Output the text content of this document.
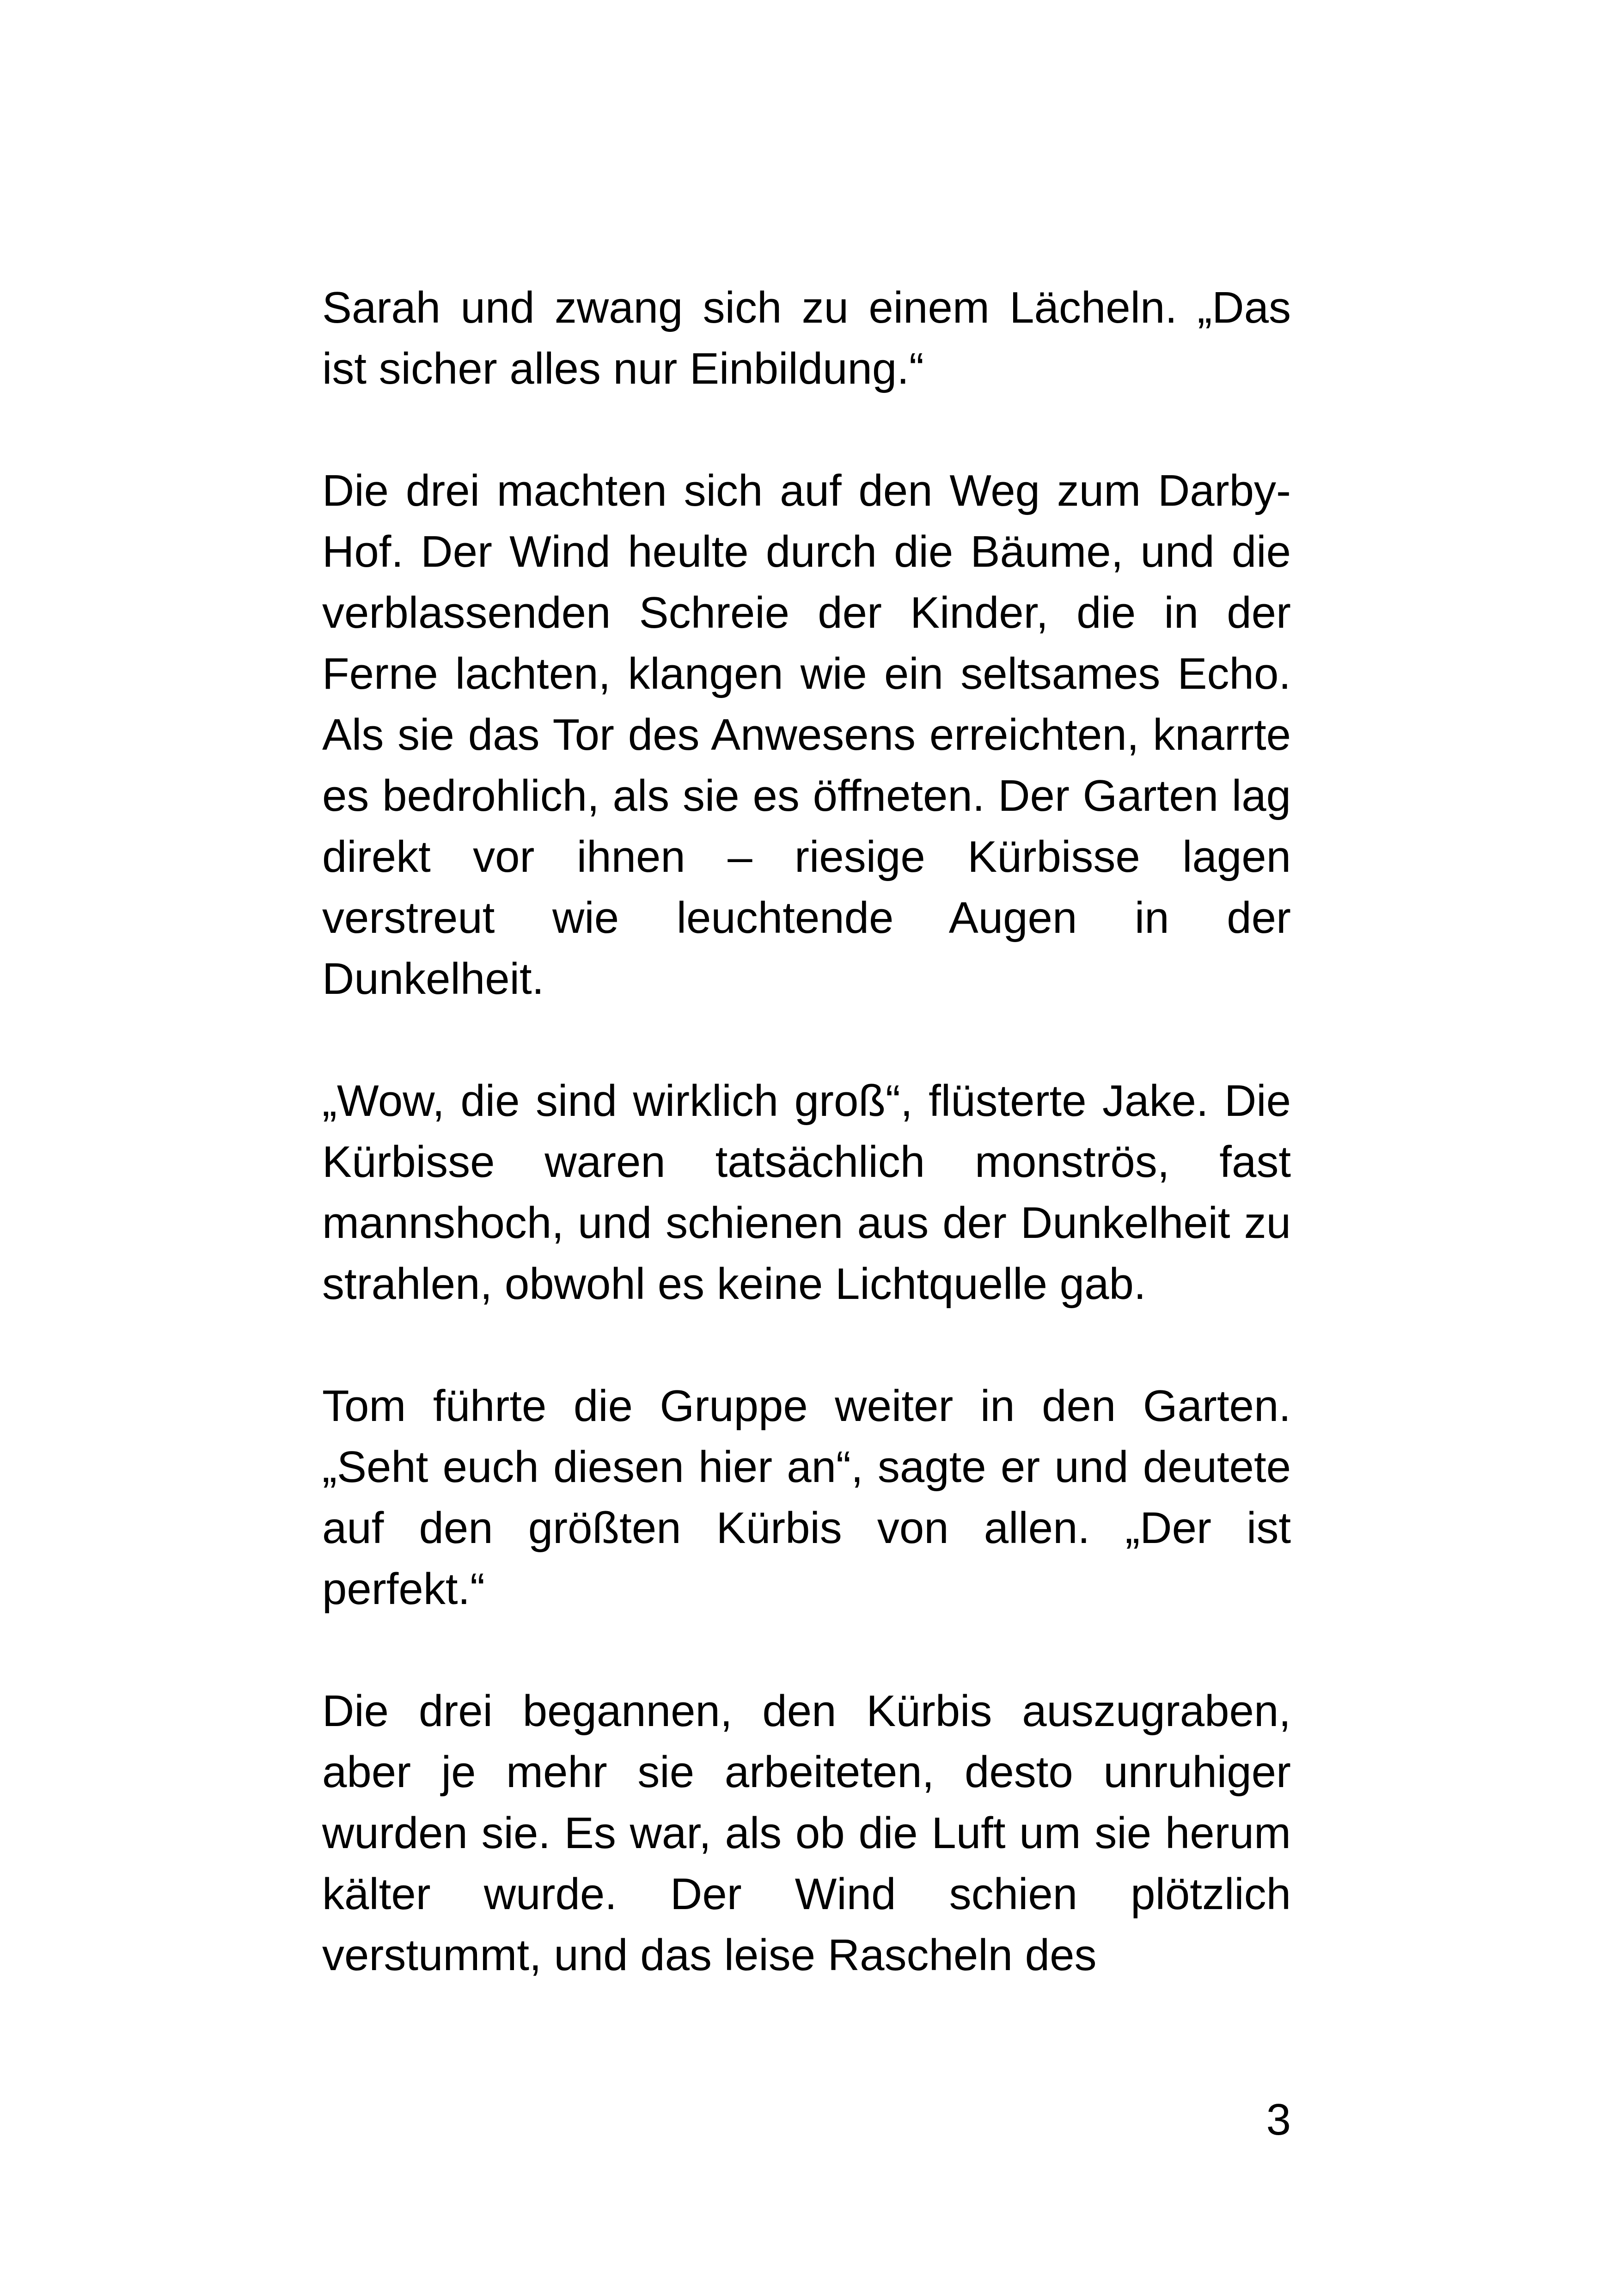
Sarah und zwang sich zu einem Lächeln. „Das ist sicher alles nur Einbildung.“

Die drei machten sich auf den Weg zum Darby-Hof. Der Wind heulte durch die Bäume, und die verblassenden Schreie der Kinder, die in der Ferne lachten, klangen wie ein seltsames Echo. Als sie das Tor des Anwesens erreichten, knarrte es bedrohlich, als sie es öffneten. Der Garten lag direkt vor ihnen – riesige Kürbisse lagen verstreut wie leuchtende Augen in der Dunkelheit.

„Wow, die sind wirklich groß“, flüsterte Jake. Die Kürbisse waren tatsächlich monströs, fast mannshoch, und schienen aus der Dunkelheit zu strahlen, obwohl es keine Lichtquelle gab.

Tom führte die Gruppe weiter in den Garten. „Seht euch diesen hier an“, sagte er und deutete auf den größten Kürbis von allen. „Der ist perfekt.“

Die drei begannen, den Kürbis auszugraben, aber je mehr sie arbeiteten, desto unruhiger wurden sie. Es war, als ob die Luft um sie herum kälter wurde. Der Wind schien plötzlich verstummt, und das leise Rascheln des

3
